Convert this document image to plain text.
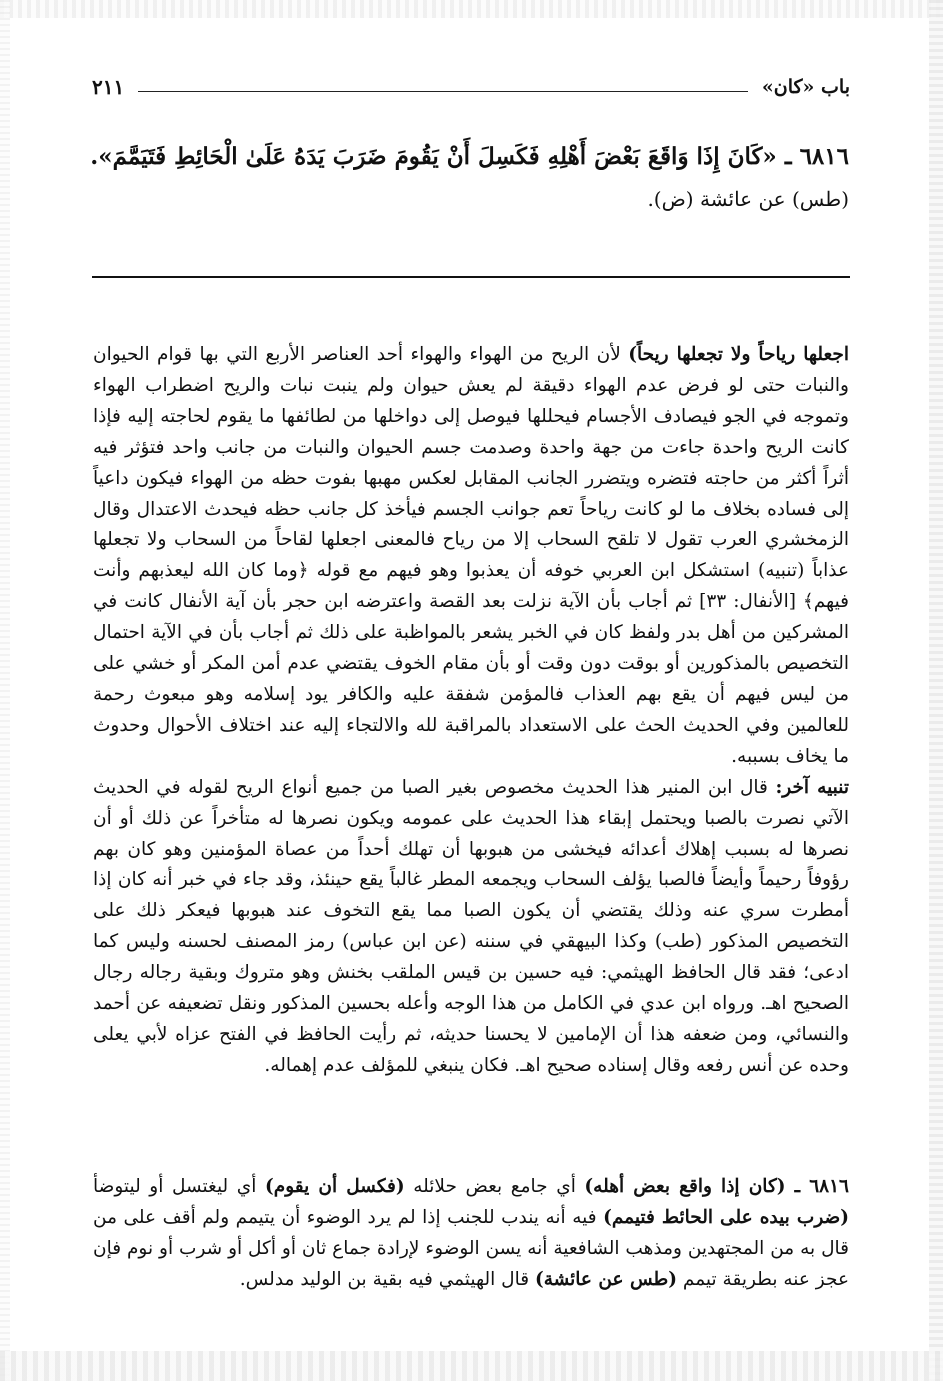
باب «كان»
٢١١
٦٨١٦ ـ «كَانَ إِذَا وَاقَعَ بَعْضَ أَهْلِهِ فَكَسِلَ أَنْ يَقُومَ ضَرَبَ يَدَهُ عَلَىٰ الْحَائِطِ فَتَيَمَّمَ».
(طس) عن عائشة (ض).

اجعلها رياحاً ولا تجعلها ريحاً) لأن الريح من الهواء والهواء أحد العناصر الأربع التي بها قوام الحيوان والنبات حتى لو فرض عدم الهواء دقيقة لم يعش حيوان ولم ينبت نبات والريح اضطراب الهواء وتموجه في الجو فيصادف الأجسام فيحللها فيوصل إلى دواخلها من لطائفها ما يقوم لحاجته إليه فإذا كانت الريح واحدة جاءت من جهة واحدة وصدمت جسم الحيوان والنبات من جانب واحد فتؤثر فيه أثراً أكثر من حاجته فتضره ويتضرر الجانب المقابل لعكس مهبها بفوت حظه من الهواء فيكون داعياً إلى فساده بخلاف ما لو كانت رياحاً تعم جوانب الجسم فيأخذ كل جانب حظه فيحدث الاعتدال وقال الزمخشري العرب تقول لا تلقح السحاب إلا من رياح فالمعنى اجعلها لقاحاً من السحاب ولا تجعلها عذاباً (تنبيه) استشكل ابن العربي خوفه أن يعذبوا وهو فيهم مع قوله ﴿وما كان الله ليعذبهم وأنت فيهم﴾ [الأنفال: ٣٣] ثم أجاب بأن الآية نزلت بعد القصة واعترضه ابن حجر بأن آية الأنفال كانت في المشركين من أهل بدر ولفظ كان في الخبر يشعر بالمواظبة على ذلك ثم أجاب بأن في الآية احتمال التخصيص بالمذكورين أو بوقت دون وقت أو بأن مقام الخوف يقتضي عدم أمن المكر أو خشي على من ليس فيهم أن يقع بهم العذاب فالمؤمن شفقة عليه والكافر يود إسلامه وهو مبعوث رحمة للعالمين وفي الحديث الحث على الاستعداد بالمراقبة لله والالتجاء إليه عند اختلاف الأحوال وحدوث ما يخاف بسببه.

تنبيه آخر: قال ابن المنير هذا الحديث مخصوص بغير الصبا من جميع أنواع الريح لقوله في الحديث الآتي نصرت بالصبا ويحتمل إبقاء هذا الحديث على عمومه ويكون نصرها له متأخراً عن ذلك أو أن نصرها له بسبب إهلاك أعدائه فيخشى من هبوبها أن تهلك أحداً من عصاة المؤمنين وهو كان بهم رؤوفاً رحيماً وأيضاً فالصبا يؤلف السحاب ويجمعه المطر غالباً يقع حينئذ، وقد جاء في خبر أنه كان إذا أمطرت سري عنه وذلك يقتضي أن يكون الصبا مما يقع التخوف عند هبوبها فيعكر ذلك على التخصيص المذكور (طب) وكذا البيهقي في سننه (عن ابن عباس) رمز المصنف لحسنه وليس كما ادعى؛ فقد قال الحافظ الهيثمي: فيه حسين بن قيس الملقب بخنش وهو متروك وبقية رجاله رجال الصحيح اهـ. ورواه ابن عدي في الكامل من هذا الوجه وأعله بحسين المذكور ونقل تضعيفه عن أحمد والنسائي، ومن ضعفه هذا أن الإمامين لا يحسنا حديثه، ثم رأيت الحافظ في الفتح عزاه لأبي يعلى وحده عن أنس رفعه وقال إسناده صحيح اهـ. فكان ينبغي للمؤلف عدم إهماله.

٦٨١٦ ـ (كان إذا واقع بعض أهله) أي جامع بعض حلائله (فكسل أن يقوم) أي ليغتسل أو ليتوضأ (ضرب بيده على الحائط فتيمم) فيه أنه يندب للجنب إذا لم يرد الوضوء أن يتيمم ولم أقف على من قال به من المجتهدين ومذهب الشافعية أنه يسن الوضوء لإرادة جماع ثان أو أكل أو شرب أو نوم فإن عجز عنه بطريقة تيمم (طس عن عائشة) قال الهيثمي فيه بقية بن الوليد مدلس.
